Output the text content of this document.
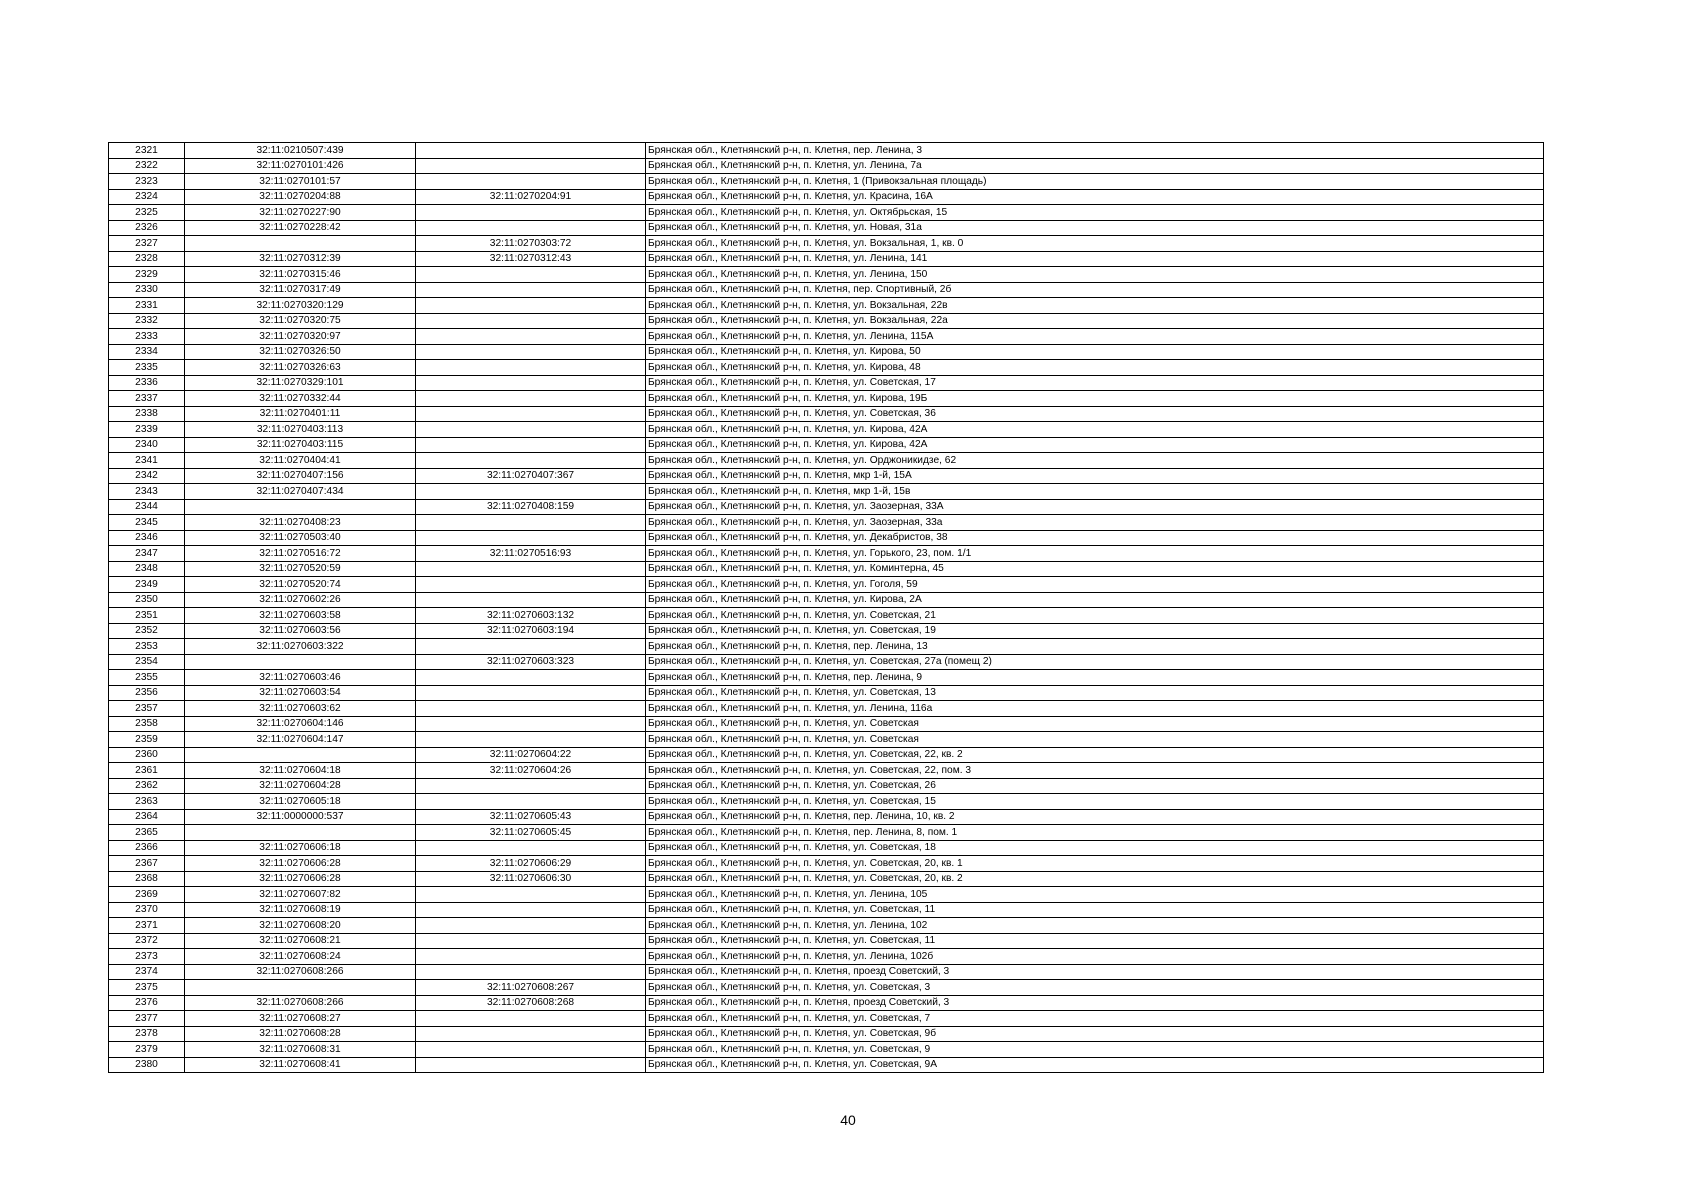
2321	32:11:0210507:439		Брянская обл., Клетнянский р-н, п. Клетня, пер. Ленина, 3
2322	32:11:0270101:426		Брянская обл., Клетнянский р-н, п. Клетня, ул. Ленина, 7а
2323	32:11:0270101:57		Брянская обл., Клетнянский р-н, п. Клетня, 1 (Привокзальная площадь)
2324	32:11:0270204:88	32:11:0270204:91	Брянская обл., Клетнянский р-н, п. Клетня, ул. Красина, 16А
2325	32:11:0270227:90		Брянская обл., Клетнянский р-н, п. Клетня, ул. Октябрьская, 15
2326	32:11:0270228:42		Брянская обл., Клетнянский р-н, п. Клетня, ул. Новая, 31а
2327		32:11:0270303:72	Брянская обл., Клетнянский р-н, п. Клетня, ул. Вокзальная, 1, кв. 0
2328	32:11:0270312:39	32:11:0270312:43	Брянская обл., Клетнянский р-н, п. Клетня, ул. Ленина, 141
2329	32:11:0270315:46		Брянская обл., Клетнянский р-н, п. Клетня, ул. Ленина, 150
2330	32:11:0270317:49		Брянская обл., Клетнянский р-н, п. Клетня, пер. Спортивный, 2б
2331	32:11:0270320:129		Брянская обл., Клетнянский р-н, п. Клетня, ул. Вокзальная, 22в
2332	32:11:0270320:75		Брянская обл., Клетнянский р-н, п. Клетня, ул. Вокзальная, 22а
2333	32:11:0270320:97		Брянская обл., Клетнянский р-н, п. Клетня, ул. Ленина, 115А
2334	32:11:0270326:50		Брянская обл., Клетнянский р-н, п. Клетня, ул. Кирова, 50
2335	32:11:0270326:63		Брянская обл., Клетнянский р-н, п. Клетня, ул. Кирова, 48
2336	32:11:0270329:101		Брянская обл., Клетнянский р-н, п. Клетня, ул. Советская, 17
2337	32:11:0270332:44		Брянская обл., Клетнянский р-н, п. Клетня, ул. Кирова, 19Б
2338	32:11:0270401:11		Брянская обл., Клетнянский р-н, п. Клетня, ул. Советская, 36
2339	32:11:0270403:113		Брянская обл., Клетнянский р-н, п. Клетня, ул. Кирова, 42А
2340	32:11:0270403:115		Брянская обл., Клетнянский р-н, п. Клетня, ул. Кирова, 42А
2341	32:11:0270404:41		Брянская обл., Клетнянский р-н, п. Клетня, ул. Орджоникидзе, 62
2342	32:11:0270407:156	32:11:0270407:367	Брянская обл., Клетнянский р-н, п. Клетня, мкр 1-й, 15А
2343	32:11:0270407:434		Брянская обл., Клетнянский р-н, п. Клетня, мкр 1-й, 15в
2344		32:11:0270408:159	Брянская обл., Клетнянский р-н, п. Клетня, ул. Заозерная, 33А
2345	32:11:0270408:23		Брянская обл., Клетнянский р-н, п. Клетня, ул. Заозерная, 33а
2346	32:11:0270503:40		Брянская обл., Клетнянский р-н, п. Клетня, ул. Декабристов, 38
2347	32:11:0270516:72	32:11:0270516:93	Брянская обл., Клетнянский р-н, п. Клетня, ул. Горького, 23, пом. 1/1
2348	32:11:0270520:59		Брянская обл., Клетнянский р-н, п. Клетня, ул. Коминтерна, 45
2349	32:11:0270520:74		Брянская обл., Клетнянский р-н, п. Клетня, ул. Гоголя, 59
2350	32:11:0270602:26		Брянская обл., Клетнянский р-н, п. Клетня, ул. Кирова, 2А
2351	32:11:0270603:58	32:11:0270603:132	Брянская обл., Клетнянский р-н, п. Клетня, ул. Советская, 21
2352	32:11:0270603:56	32:11:0270603:194	Брянская обл., Клетнянский р-н, п. Клетня, ул. Советская, 19
2353	32:11:0270603:322		Брянская обл., Клетнянский р-н, п. Клетня, пер. Ленина, 13
2354		32:11:0270603:323	Брянская обл., Клетнянский р-н, п. Клетня, ул. Советская, 27а (помещ 2)
2355	32:11:0270603:46		Брянская обл., Клетнянский р-н, п. Клетня, пер. Ленина, 9
2356	32:11:0270603:54		Брянская обл., Клетнянский р-н, п. Клетня, ул. Советская, 13
2357	32:11:0270603:62		Брянская обл., Клетнянский р-н, п. Клетня, ул. Ленина, 116а
2358	32:11:0270604:146		Брянская обл., Клетнянский р-н, п. Клетня, ул. Советская
2359	32:11:0270604:147		Брянская обл., Клетнянский р-н, п. Клетня, ул. Советская
2360		32:11:0270604:22	Брянская обл., Клетнянский р-н, п. Клетня, ул. Советская, 22, кв. 2
2361	32:11:0270604:18	32:11:0270604:26	Брянская обл., Клетнянский р-н, п. Клетня, ул. Советская, 22, пом. 3
2362	32:11:0270604:28		Брянская обл., Клетнянский р-н, п. Клетня, ул. Советская, 26
2363	32:11:0270605:18		Брянская обл., Клетнянский р-н, п. Клетня, ул. Советская, 15
2364	32:11:0000000:537	32:11:0270605:43	Брянская обл., Клетнянский р-н, п. Клетня, пер. Ленина, 10, кв. 2
2365		32:11:0270605:45	Брянская обл., Клетнянский р-н, п. Клетня, пер. Ленина, 8, пом. 1
2366	32:11:0270606:18		Брянская обл., Клетнянский р-н, п. Клетня, ул. Советская, 18
2367	32:11:0270606:28	32:11:0270606:29	Брянская обл., Клетнянский р-н, п. Клетня, ул. Советская, 20, кв. 1
2368	32:11:0270606:28	32:11:0270606:30	Брянская обл., Клетнянский р-н, п. Клетня, ул. Советская, 20, кв. 2
2369	32:11:0270607:82		Брянская обл., Клетнянский р-н, п. Клетня, ул. Ленина, 105
2370	32:11:0270608:19		Брянская обл., Клетнянский р-н, п. Клетня, ул. Советская, 11
2371	32:11:0270608:20		Брянская обл., Клетнянский р-н, п. Клетня, ул. Ленина, 102
2372	32:11:0270608:21		Брянская обл., Клетнянский р-н, п. Клетня, ул. Советская, 11
2373	32:11:0270608:24		Брянская обл., Клетнянский р-н, п. Клетня, ул. Ленина, 102б
2374	32:11:0270608:266		Брянская обл., Клетнянский р-н, п. Клетня, проезд Советский, 3
2375		32:11:0270608:267	Брянская обл., Клетнянский р-н, п. Клетня, ул. Советская, 3
2376	32:11:0270608:266	32:11:0270608:268	Брянская обл., Клетнянский р-н, п. Клетня, проезд Советский, 3
2377	32:11:0270608:27		Брянская обл., Клетнянский р-н, п. Клетня, ул. Советская, 7
2378	32:11:0270608:28		Брянская обл., Клетнянский р-н, п. Клетня, ул. Советская, 9б
2379	32:11:0270608:31		Брянская обл., Клетнянский р-н, п. Клетня, ул. Советская, 9
2380	32:11:0270608:41		Брянская обл., Клетнянский р-н, п. Клетня, ул. Советская, 9А
40
